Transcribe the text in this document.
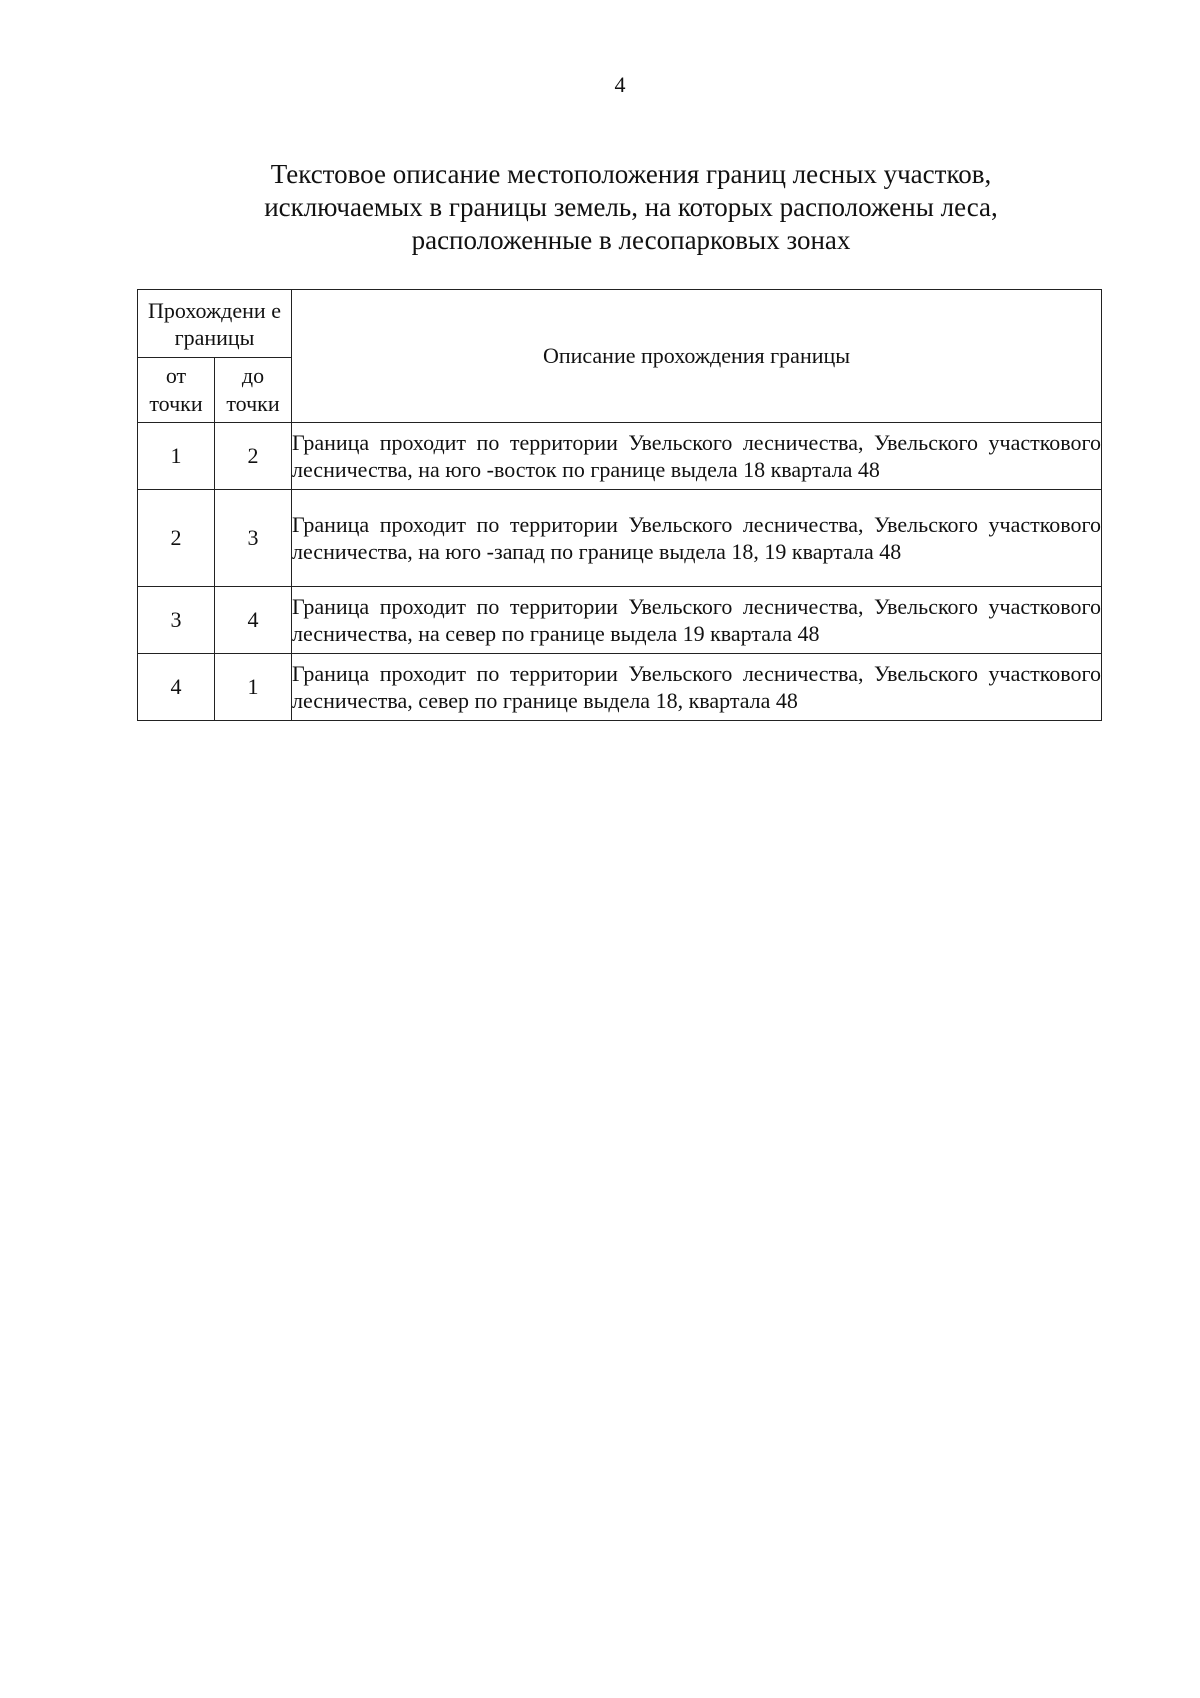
4
Текстовое описание местоположения границ лесных участков,
исключаемых в границы земель, на которых расположены леса,
расположенные в лесопарковых зонах
Прохождени е границы		Описание прохождения границы
от точки	до точки	
1	2	Граница проходит по территории Увельского лесничества, Увельского участкового лесничества, на юго -восток по границе выдела 18 квартала 48
2	3	Граница проходит по территории Увельского лесничества, Увельского участкового лесничества, на юго -запад по границе выдела 18, 19 квартала 48
3	4	Граница проходит по территории Увельского лесничества, Увельского участкового лесничества, на север по границе выдела 19 квартала 48
4	1	Граница проходит по территории Увельского лесничества, Увельского участкового лесничества, север по границе выдела 18, квартала 48
